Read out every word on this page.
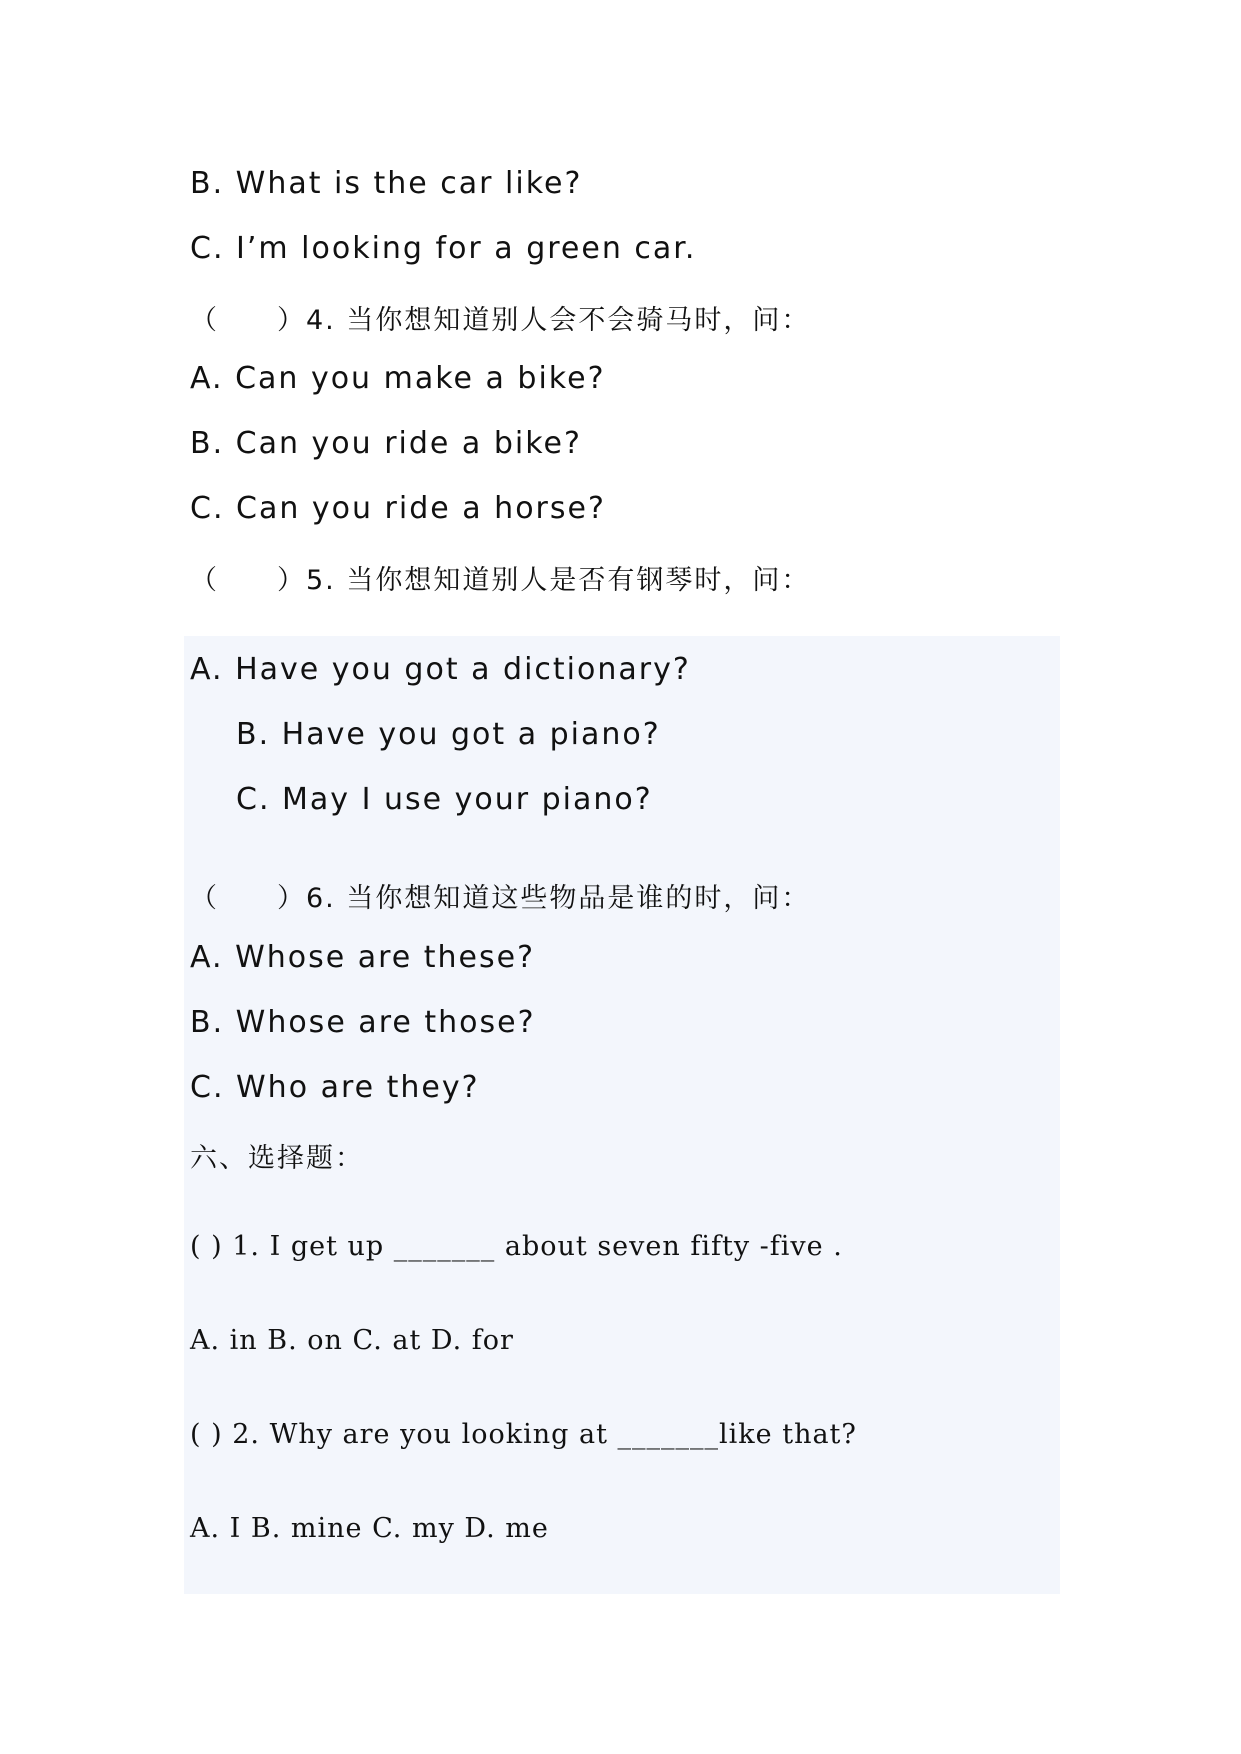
B. What is the car like?
C. I’m looking for a green car.
（　　）4. 当你想知道别人会不会骑马时，问：
A. Can you make a bike?
B. Can you ride a bike?
C. Can you ride a horse?
（　　）5. 当你想知道别人是否有钢琴时，问：
A. Have you got a dictionary?
B. Have you got a piano?
C. May I use your piano?
（　　）6. 当你想知道这些物品是谁的时，问：
A. Whose are these?
B. Whose are those?
C. Who are they?
六、选择题：
( ) 1. I get up _______ about seven fifty -five .
A. in B. on C. at D. for
( ) 2. Why are you looking at _______like that?
A. I B. mine C. my D. me
